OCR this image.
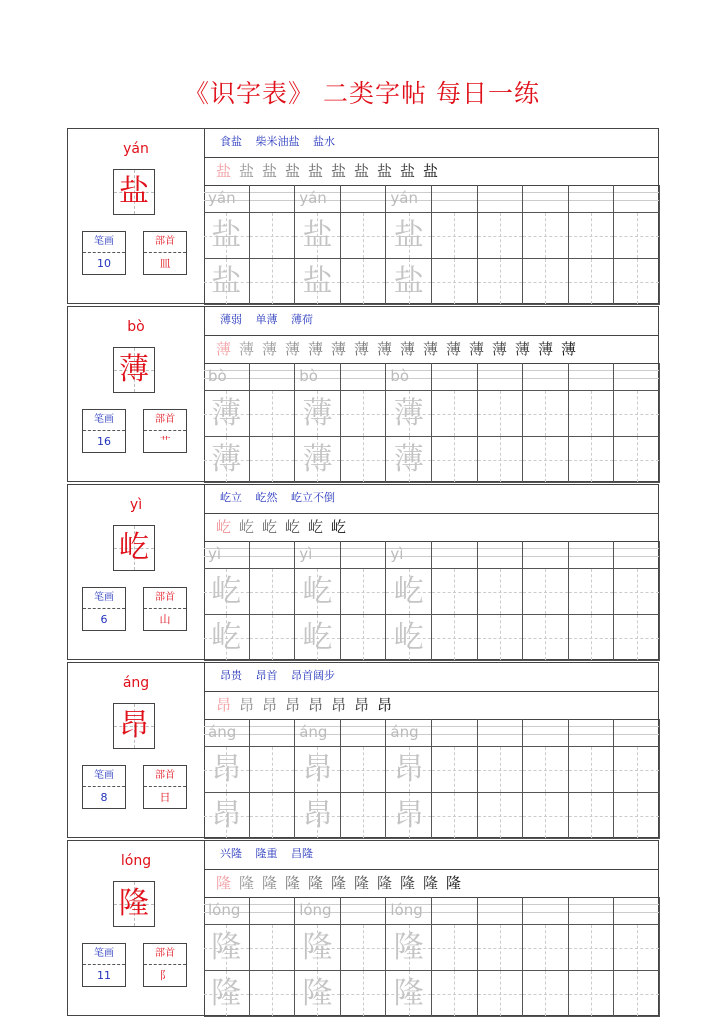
《识字表》 二类字帖 每日一练
yán
盐
笔画
10
部首
皿
食盐 柴米油盐 盐水
盐 盐 盐 盐 盐 盐 盐 盐 盐 盐
yán
盐
盐
yán
盐
盐
yán
盐
盐
bò
薄
笔画
16
部首
艹
薄弱 单薄 薄荷
薄 薄 薄 薄 薄 薄 薄 薄 薄 薄 薄 薄 薄 薄 薄 薄
bò
薄
薄
bò
薄
薄
bò
薄
薄
yì
屹
笔画
6
部首
山
屹立 屹然 屹立不倒
屹 屹 屹 屹 屹 屹
yì
屹
屹
yì
屹
屹
yì
屹
屹
áng
昂
笔画
8
部首
日
昂贵 昂首 昂首阔步
昂 昂 昂 昂 昂 昂 昂 昂
áng
昂
昂
áng
昂
昂
áng
昂
昂
lóng
隆
笔画
11
部首
阝
兴隆 隆重 昌隆
隆 隆 隆 隆 隆 隆 隆 隆 隆 隆 隆
lóng
隆
隆
lóng
隆
隆
lóng
隆
隆
